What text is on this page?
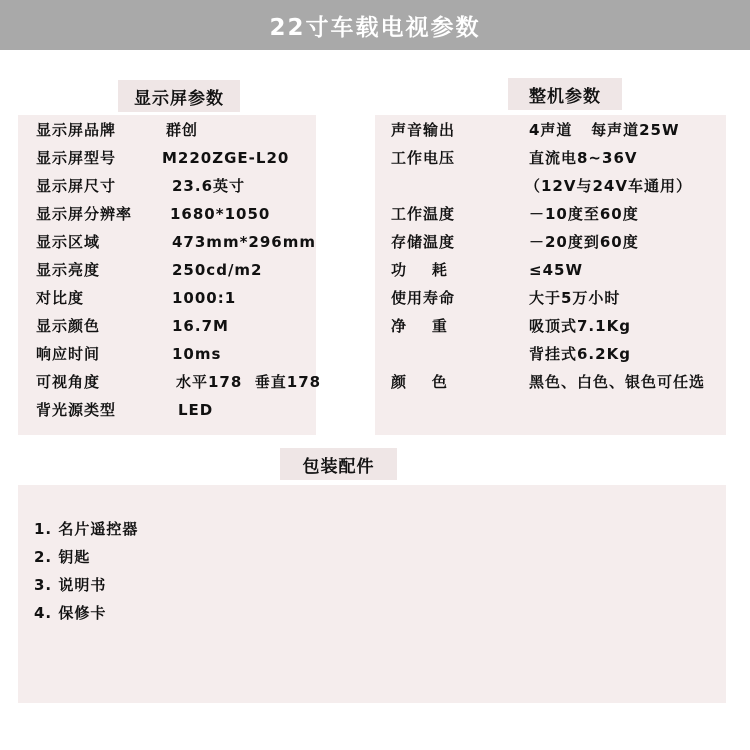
22寸车载电视参数
显示屏参数
显示屏品牌	群创
显示屏型号	M220ZGE-L20
显示屏尺寸	23.6英寸
显示屏分辨率	1680*1050
显示区域	473mm*296mm
显示亮度	250cd/m2
对比度	1000:1
显示颜色	16.7M
响应时间	10ms
可视角度	水平178  垂直178
背光源类型	LED
整机参数
声音输出	4声道   每声道25W
工作电压	直流电8~36V
（12V与24V车通用）
工作温度	－10度至60度
存储温度	－20度到60度
功    耗	≤45W
使用寿命	大于5万小时
净    重	吸顶式7.1Kg
背挂式6.2Kg
颜    色	黑色、白色、银色可任选
包装配件
1. 名片遥控器
2. 钥匙
3. 说明书
4. 保修卡
